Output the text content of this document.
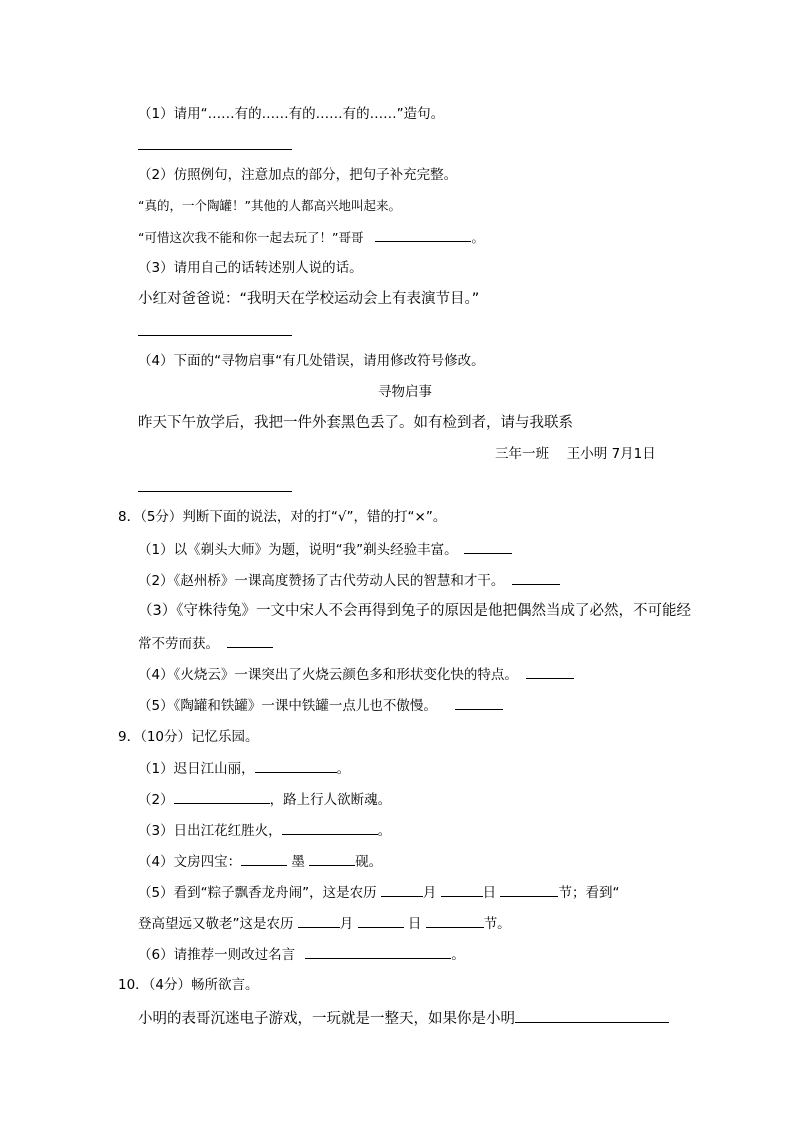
（1）请用“……有的……有的……有的……”造句。
（2）仿照例句，注意加点的部分，把句子补充完整。
“真的，一个陶罐！”其他的人都高兴地叫起来。
“可惜这次我不能和你一起去玩了！”哥哥	。
（3）请用自己的话转述别人说的话。
小红对爸爸说：“我明天在学校运动会上有表演节目。”
（4）下面的“寻物启事“有几处错误，请用修改符号修改。
寻物启事
昨天下午放学后，我把一件外套黑色丢了。如有检到者，请与我联系
三年一班　 王小明 7月1日
8．（5分）判断下面的说法，对的打“√”，错的打“×”。
（1）以《剃头大师》为题，说明“我”剃头经验丰富。
（2）《赵州桥》一课高度赞扬了古代劳动人民的智慧和才干。
（3）《守株待兔》一文中宋人不会再得到兔子的原因是他把偶然当成了必然，不可能经
常不劳而获。
（4）《火烧云》一课突出了火烧云颜色多和形状变化快的特点。
（5）《陶罐和铁罐》一课中铁罐一点儿也不傲慢。
9．（10分）记忆乐园。
（1）迟日江山丽，	。
（2）	，路上行人欲断魂。
（3）日出江花红胜火，	。
（4）文房四宝：	墨	砚。
（5）看到“粽子飘香龙舟闹”，这是农历	月	日	节；看到“
登高望远又敬老”这是农历	月	日	节。
（6）请推荐一则改过名言	。
10．（4分）畅所欲言。
小明的表哥沉迷电子游戏，一玩就是一整天，如果你是小明
